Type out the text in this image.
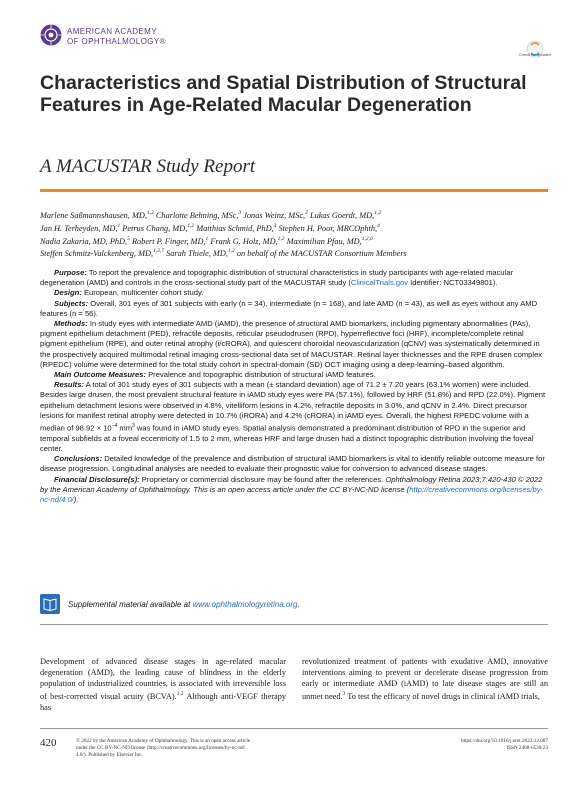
AMERICAN ACADEMY
OF OPHTHALMOLOGY®
Check for updates
Characteristics and Spatial Distribution of Structural Features in Age-Related Macular Degeneration
A MACUSTAR Study Report
Marlene Saßmannshausen, MD,$^{1,2}$ Charlotte Behning, MSc,$^3$ Jonas Weinz, MSc,$^2$ Lukas Goerdt, MD,$^{1,2}$
Jan H. Terheyden, MD,$^1$ Petrus Chang, MD,$^{1,2}$ Matthias Schmid, PhD,$^3$ Stephen H. Poor, MRCOphth,$^4$
Nadia Zakaria, MD, PhD,$^5$ Robert P. Finger, MD,$^1$ Frank G. Holz, MD,$^{1,2}$ Maximilian Pfau, MD,$^{1,2,6}$
Steffen Schmitz-Valckenberg, MD,$^{1,2,7}$ Sarah Thiele, MD,$^{1,2}$ on behalf of the MACUSTAR Consortium Members

Purpose: To report the prevalence and topographic distribution of structural characteristics in study participants with age-related macular degeneration (AMD) and controls in the cross-sectional study part of the MACUSTAR study (ClinicalTrials.gov Identifier: NCT03349801).

Design: European, multicenter cohort study.

Subjects: Overall, 301 eyes of 301 subjects with early (n = 34), intermediate (n = 168), and late AMD (n = 43), as well as eyes without any AMD features (n = 56).

Methods: In study eyes with intermediate AMD (iAMD), the presence of structural AMD biomarkers, including pigmentary abnormalities (PAs), pigment epithelium detachment (PED), refractile deposits, reticular pseudodrusen (RPD), hyperreflective foci (HRF), incomplete/complete retinal pigment epithelium (RPE), and outer retinal atrophy (i/cRORA), and quiescent choroidal neovascularization (qCNV) was systematically determined in the prospectively acquired multimodal retinal imaging cross-sectional data set of MACUSTAR. Retinal layer thicknesses and the RPE drusen complex (RPEDC) volume were determined for the total study cohort in spectral-domain (SD) OCT imaging using a deep-learning–based algorithm.

Main Outcome Measures: Prevalence and topographic distribution of structural iAMD features.

Results: A total of 301 study eyes of 301 subjects with a mean (± standard deviation) age of 71.2 ± 7.20 years (63.1% women) were included. Besides large drusen, the most prevalent structural feature in iAMD study eyes were PA (57.1%), followed by HRF (51.8%) and RPD (22.0%). Pigment epithelium detachment lesions were observed in 4.8%, vitelliform lesions in 4.2%, refractile deposits in 3.0%, and qCNV in 2.4%. Direct precursor lesions for manifest retinal atrophy were detected in 10.7% (iRORA) and 4.2% (cRORA) in iAMD eyes. Overall, the highest RPEDC volume with a median of $98.92 \times 10^{-4}$ $mm^3$ was found in iAMD study eyes. Spatial analysis demonstrated a predominant distribution of RPD in the superior and temporal subfields at a foveal eccentricity of 1.5 to 2 mm, whereas HRF and large drusen had a distinct topographic distribution involving the foveal center.

Conclusions: Detailed knowledge of the prevalence and distribution of structural iAMD biomarkers is vital to identify reliable outcome measure for disease progression. Longitudinal analyses are needed to evaluate their prognostic value for conversion to advanced disease stages.

Financial Disclosure(s): Proprietary or commercial disclosure may be found after the references. Ophthalmology Retina 2023;7:420-430 © 2022 by the American Academy of Ophthalmology. This is an open access article under the CC BY-NC-ND license (http://creativecommons.org/licenses/by-nc-nd/4.0/).

Supplemental material available at www.ophthalmologyretina.org.
Development of advanced disease stages in age-related macular degeneration (AMD), the leading cause of blindness in the elderly population of industrialized countries, is associated with irreversible loss of best-corrected visual acuity (BCVA).$^{1,2}$ Although anti-VEGF therapy has
revolutionized treatment of patients with exudative AMD, innovative interventions aiming to prevent or decelerate disease progression from early or intermediate AMD (iAMD) to late disease stages are still an unmet need.$^3$ To test the efficacy of novel drugs in clinical iAMD trials,
420	© 2022 by the American Academy of Ophthalmology. This is an open access article
under the CC BY-NC-ND license (http://creativecommons.org/licenses/by-nc-nd/
4.0/). Published by Elsevier Inc.
https://doi.org/10.1016/j.oret.2022.12.007
ISSN 2468-6530/23
